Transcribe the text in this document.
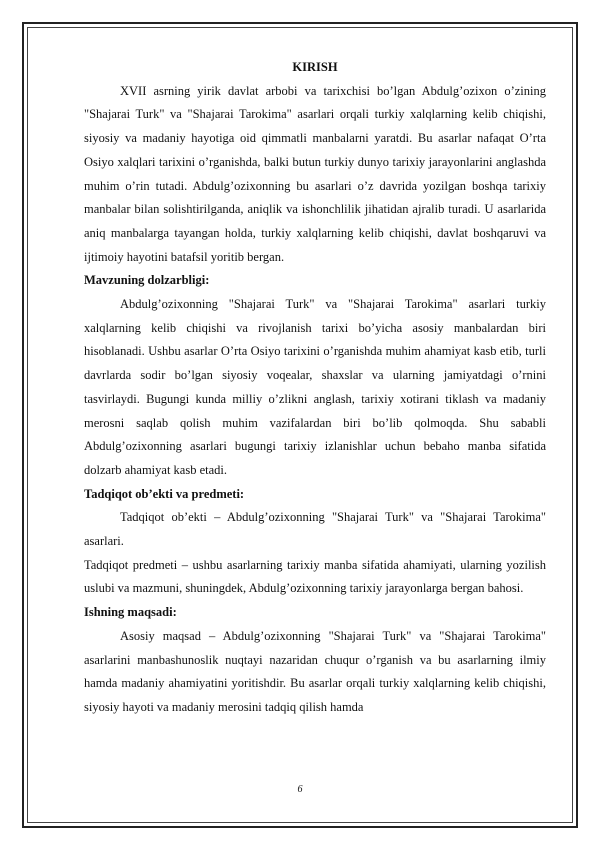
KIRISH

XVII asrning yirik davlat arbobi va tarixchisi bo’lgan Abdulg’ozixon o’zining "Shajarai Turk" va "Shajarai Tarokima" asarlari orqali turkiy xalqlarning kelib chiqishi, siyosiy va madaniy hayotiga oid qimmatli manbalarni yaratdi. Bu asarlar nafaqat O’rta Osiyo xalqlari tarixini o’rganishda, balki butun turkiy dunyo tarixiy jarayonlarini anglashda muhim o’rin tutadi. Abdulg’ozixonning bu asarlari o’z davrida yozilgan boshqa tarixiy manbalar bilan solishtirilganda, aniqlik va ishonchlilik jihatidan ajralib turadi. U asarlarida aniq manbalarga tayangan holda, turkiy xalqlarning kelib chiqishi, davlat boshqaruvi va ijtimoiy hayotini batafsil yoritib bergan.

Mavzuning dolzarbligi:

Abdulg’ozixonning "Shajarai Turk" va "Shajarai Tarokima" asarlari turkiy xalqlarning kelib chiqishi va rivojlanish tarixi bo’yicha asosiy manbalardan biri hisoblanadi. Ushbu asarlar O’rta Osiyo tarixini o’rganishda muhim ahamiyat kasb etib, turli davrlarda sodir bo’lgan siyosiy voqealar, shaxslar va ularning jamiyatdagi o’rnini tasvirlaydi. Bugungi kunda milliy o’zlikni anglash, tarixiy xotirani tiklash va madaniy merosni saqlab qolish muhim vazifalardan biri bo’lib qolmoqda. Shu sababli Abdulg’ozixonning asarlari bugungi tarixiy izlanishlar uchun bebaho manba sifatida dolzarb ahamiyat kasb etadi.

Tadqiqot ob’ekti va predmeti:

Tadqiqot ob’ekti – Abdulg’ozixonning "Shajarai Turk" va "Shajarai Tarokima" asarlari.

Tadqiqot predmeti – ushbu asarlarning tarixiy manba sifatida ahamiyati, ularning yozilish uslubi va mazmuni, shuningdek, Abdulg’ozixonning tarixiy jarayonlarga bergan bahosi.

Ishning maqsadi:

Asosiy maqsad – Abdulg’ozixonning "Shajarai Turk" va "Shajarai Tarokima" asarlarini manbashunoslik nuqtayi nazaridan chuqur o’rganish va bu asarlarning ilmiy hamda madaniy ahamiyatini yoritishdir. Bu asarlar orqali turkiy xalqlarning kelib chiqishi, siyosiy hayoti va madaniy merosini tadqiq qilish hamda

6
